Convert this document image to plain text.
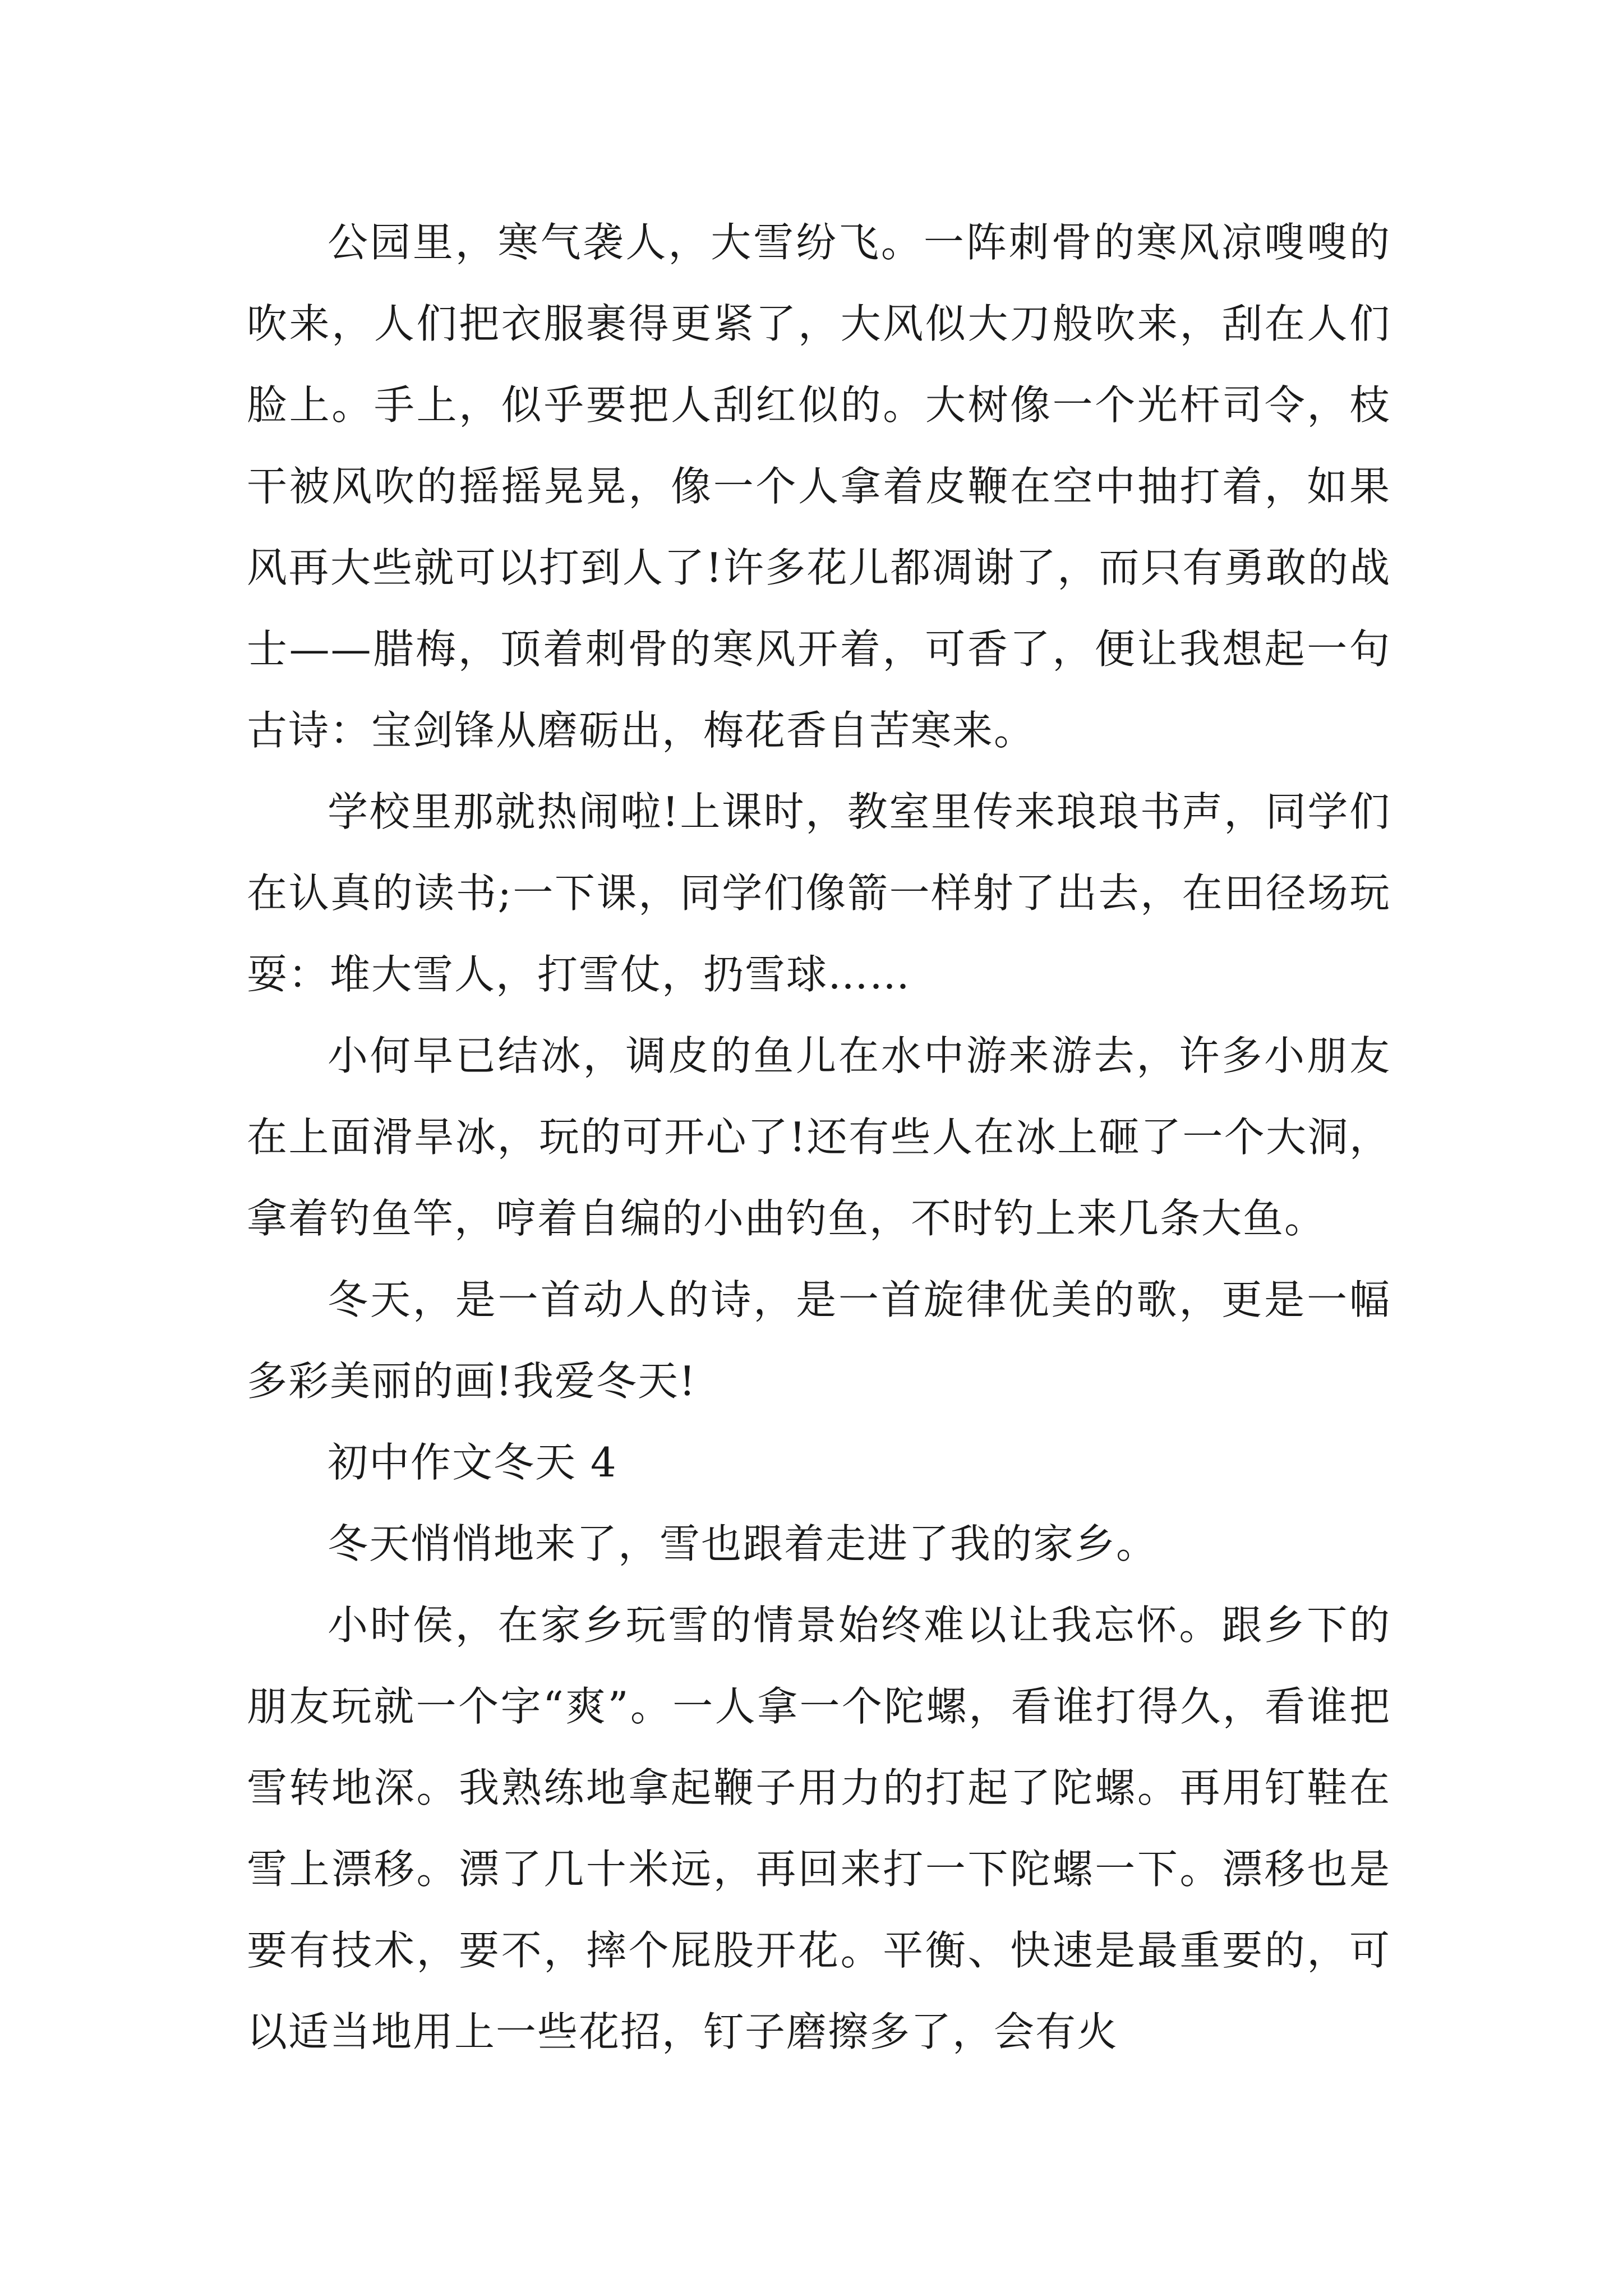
公园里，寒气袭人，大雪纷飞。一阵刺骨的寒风凉嗖嗖的吹来，人们把衣服裹得更紧了，大风似大刀般吹来，刮在人们脸上。手上，似乎要把人刮红似的。大树像一个光杆司令，枝干被风吹的摇摇晃晃，像一个人拿着皮鞭在空中抽打着，如果风再大些就可以打到人了!许多花儿都凋谢了，而只有勇敢的战士——腊梅，顶着刺骨的寒风开着，可香了，便让我想起一句古诗：宝剑锋从磨砺出，梅花香自苦寒来。

学校里那就热闹啦!上课时，教室里传来琅琅书声，同学们在认真的读书;一下课，同学们像箭一样射了出去，在田径场玩耍：堆大雪人，打雪仗，扔雪球……

小何早已结冰，调皮的鱼儿在水中游来游去，许多小朋友在上面滑旱冰，玩的可开心了!还有些人在冰上砸了一个大洞，拿着钓鱼竿，哼着自编的小曲钓鱼，不时钓上来几条大鱼。

冬天，是一首动人的诗，是一首旋律优美的歌，更是一幅多彩美丽的画!我爱冬天!

初中作文冬天 4

冬天悄悄地来了，雪也跟着走进了我的家乡。

小时侯，在家乡玩雪的情景始终难以让我忘怀。跟乡下的朋友玩就一个字“爽”。一人拿一个陀螺，看谁打得久，看谁把雪转地深。我熟练地拿起鞭子用力的打起了陀螺。再用钉鞋在雪上漂移。漂了几十米远，再回来打一下陀螺一下。漂移也是要有技术，要不，摔个屁股开花。平衡、快速是最重要的，可以适当地用上一些花招，钉子磨擦多了，会有火
